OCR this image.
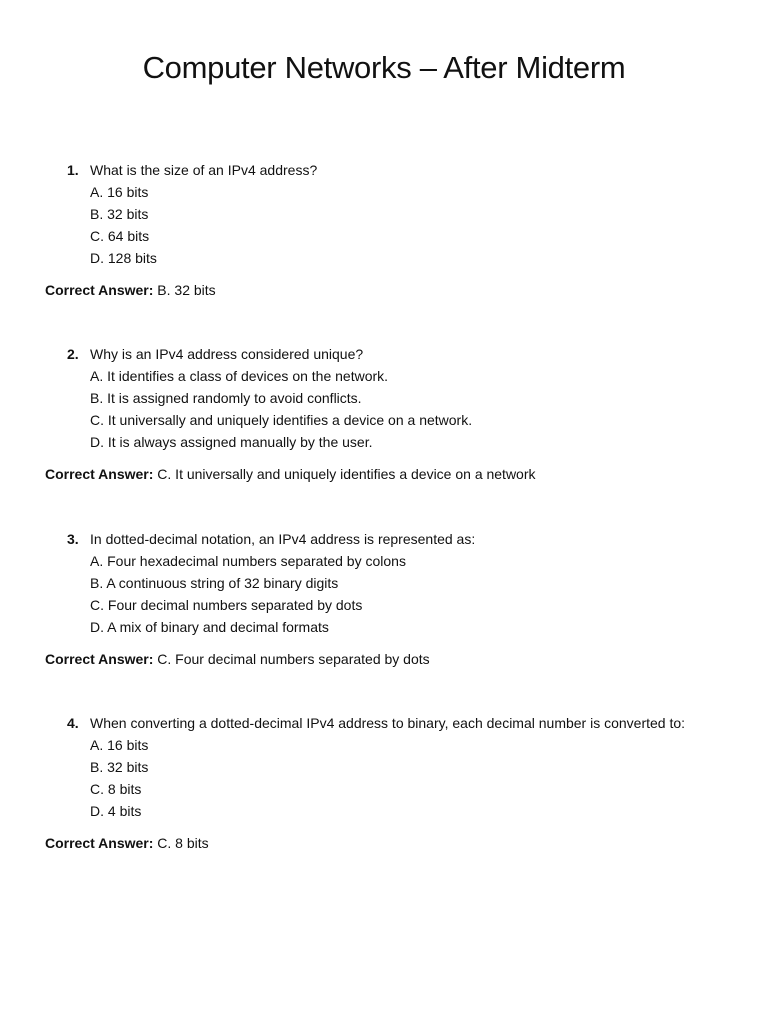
Computer Networks – After Midterm
1. What is the size of an IPv4 address?
A. 16 bits
B. 32 bits
C. 64 bits
D. 128 bits
Correct Answer: B. 32 bits
2. Why is an IPv4 address considered unique?
A. It identifies a class of devices on the network.
B. It is assigned randomly to avoid conflicts.
C. It universally and uniquely identifies a device on a network.
D. It is always assigned manually by the user.
Correct Answer: C. It universally and uniquely identifies a device on a network
3. In dotted-decimal notation, an IPv4 address is represented as:
A. Four hexadecimal numbers separated by colons
B. A continuous string of 32 binary digits
C. Four decimal numbers separated by dots
D. A mix of binary and decimal formats
Correct Answer: C. Four decimal numbers separated by dots
4. When converting a dotted-decimal IPv4 address to binary, each decimal number is converted to:
A. 16 bits
B. 32 bits
C. 8 bits
D. 4 bits
Correct Answer: C. 8 bits
